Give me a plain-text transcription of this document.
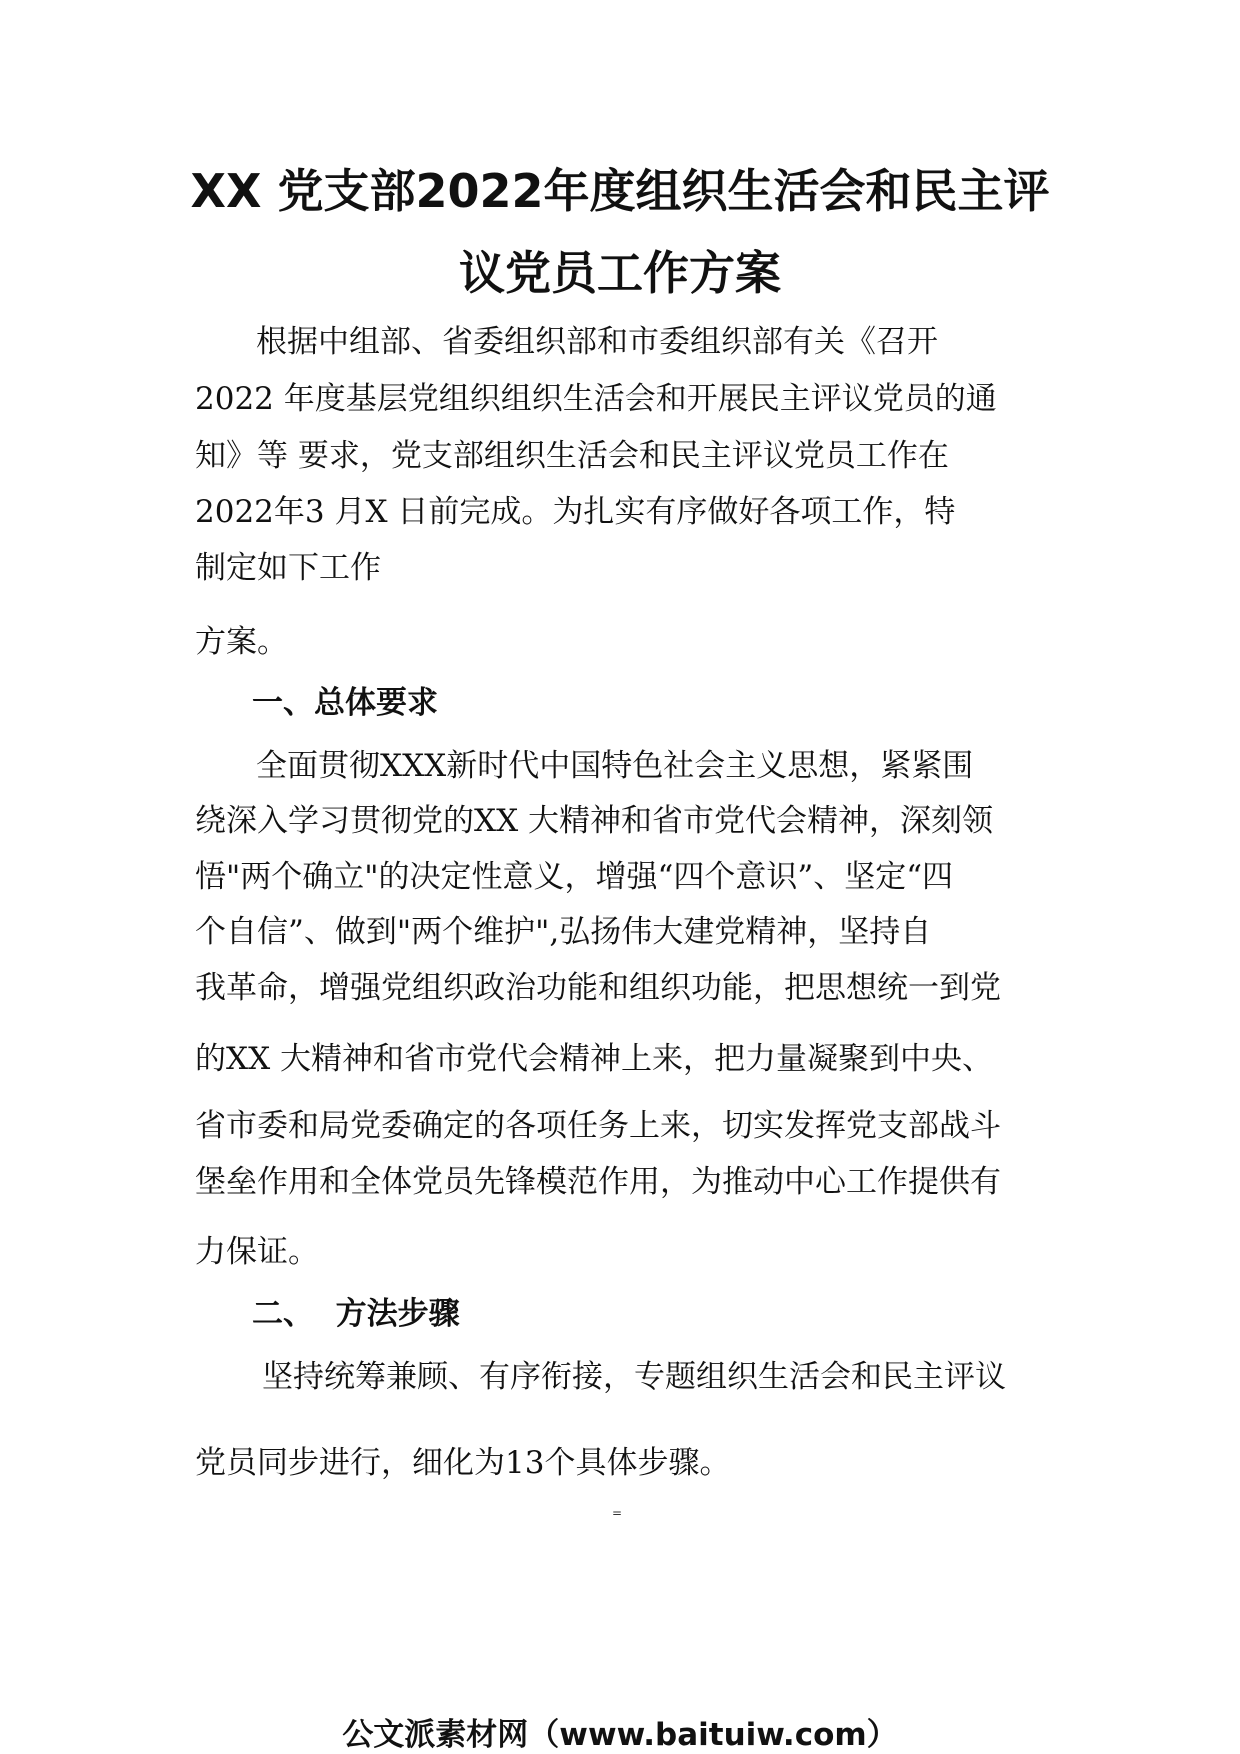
XX 党支部2022年度组织生活会和民主评
议党员工作方案

根据中组部、省委组织部和市委组织部有关《召开

2022 年度基层党组织组织生活会和开展民主评议党员的通

知》等 要求，党支部组织生活会和民主评议党员工作在

2022年3 月X 日前完成。为扎实有序做好各项工作，特

制定如下工作

方案。

一、总体要求

全面贯彻XXX新时代中国特色社会主义思想，紧紧围

绕深入学习贯彻党的XX 大精神和省市党代会精神，深刻领

悟"两个确立"的决定性意义，增强“四个意识”、坚定“四

个自信”、做到"两个维护",弘扬伟大建党精神，坚持自

我革命，增强党组织政治功能和组织功能，把思想统一到党

的XX 大精神和省市党代会精神上来，把力量凝聚到中央、

省市委和局党委确定的各项任务上来，切实发挥党支部战斗

堡垒作用和全体党员先锋模范作用，为推动中心工作提供有

力保证。

二、  方法步骤

坚持统筹兼顾、有序衔接，专题组织生活会和民主评议

党员同步进行，细化为13个具体步骤。

=
公文派素材网（www.baituiw.com）
